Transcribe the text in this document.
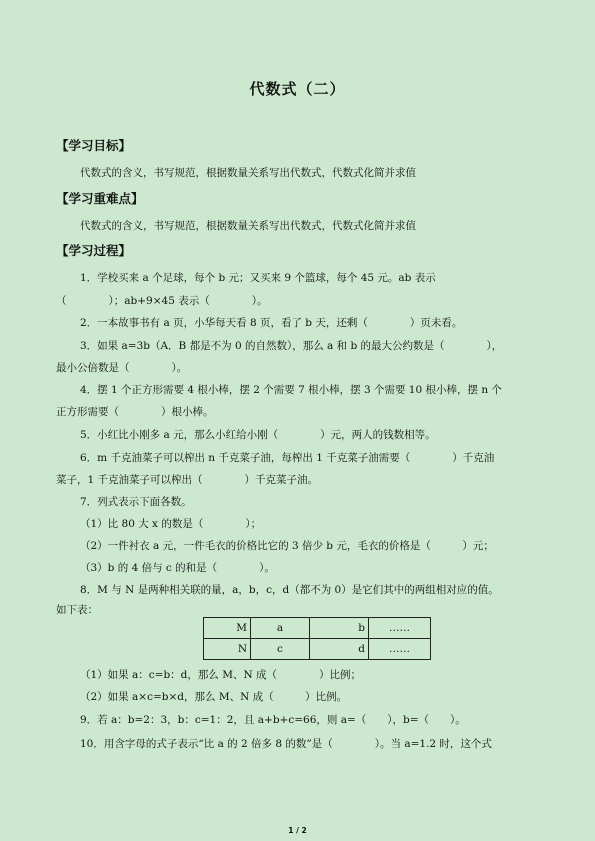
代数式（二）
【学习目标】
代数式的含义，书写规范，根据数量关系写出代数式，代数式化简并求值
【学习重难点】
代数式的含义，书写规范，根据数量关系写出代数式，代数式化简并求值
【学习过程】
1．学校买来 a 个足球，每个 b 元；又买来 9 个篮球，每个 45 元。ab 表示
（　　　　）；ab+9×45 表示（　　　　）。
2．一本故事书有 a 页，小华每天看 8 页，看了 b 天，还剩（　　　　）页未看。
3．如果 a=3b（A．B 都是不为 0 的自然数），那么 a 和 b 的最大公约数是（　　　　），
最小公倍数是（　　　　）。
4．摆 1 个正方形需要 4 根小棒，摆 2 个需要 7 根小棒，摆 3 个需要 10 根小棒，摆 n 个
正方形需要（　　　　）根小棒。
5．小红比小刚多 a 元，那么小红给小刚（　　　　）元，两人的钱数相等。
6．m 千克油菜子可以榨出 n 千克菜子油，每榨出 1 千克菜子油需要（　　　　）千克油
菜子，1 千克油菜子可以榨出（　　　　）千克菜子油。
7．列式表示下面各数。
（1）比 80 大 x 的数是（　　　　）；
（2）一件衬衣 a 元，一件毛衣的价格比它的 3 倍少 b 元，毛衣的价格是（　　　）元；
（3）b 的 4 倍与 c 的和是（　　　　）。
8．M 与 N 是两种相关联的量，a，b，c，d（都不为 0）是它们其中的两组相对应的值。
如下表：
M	a	b	……
N	c	d	……
（1）如果 a：c=b：d，那么 M、N 成（　　　　）比例；
（2）如果 a×c=b×d，那么 M、N 成（　　　）比例。
9．若 a：b=2：3，b：c=1：2，且 a+b+c=66，则 a=（　　），b=（　　）。
10．用含字母的式子表示“比 a 的 2 倍多 8 的数”是（　　　　）。当 a=1.2 时，这个式
1 / 2
